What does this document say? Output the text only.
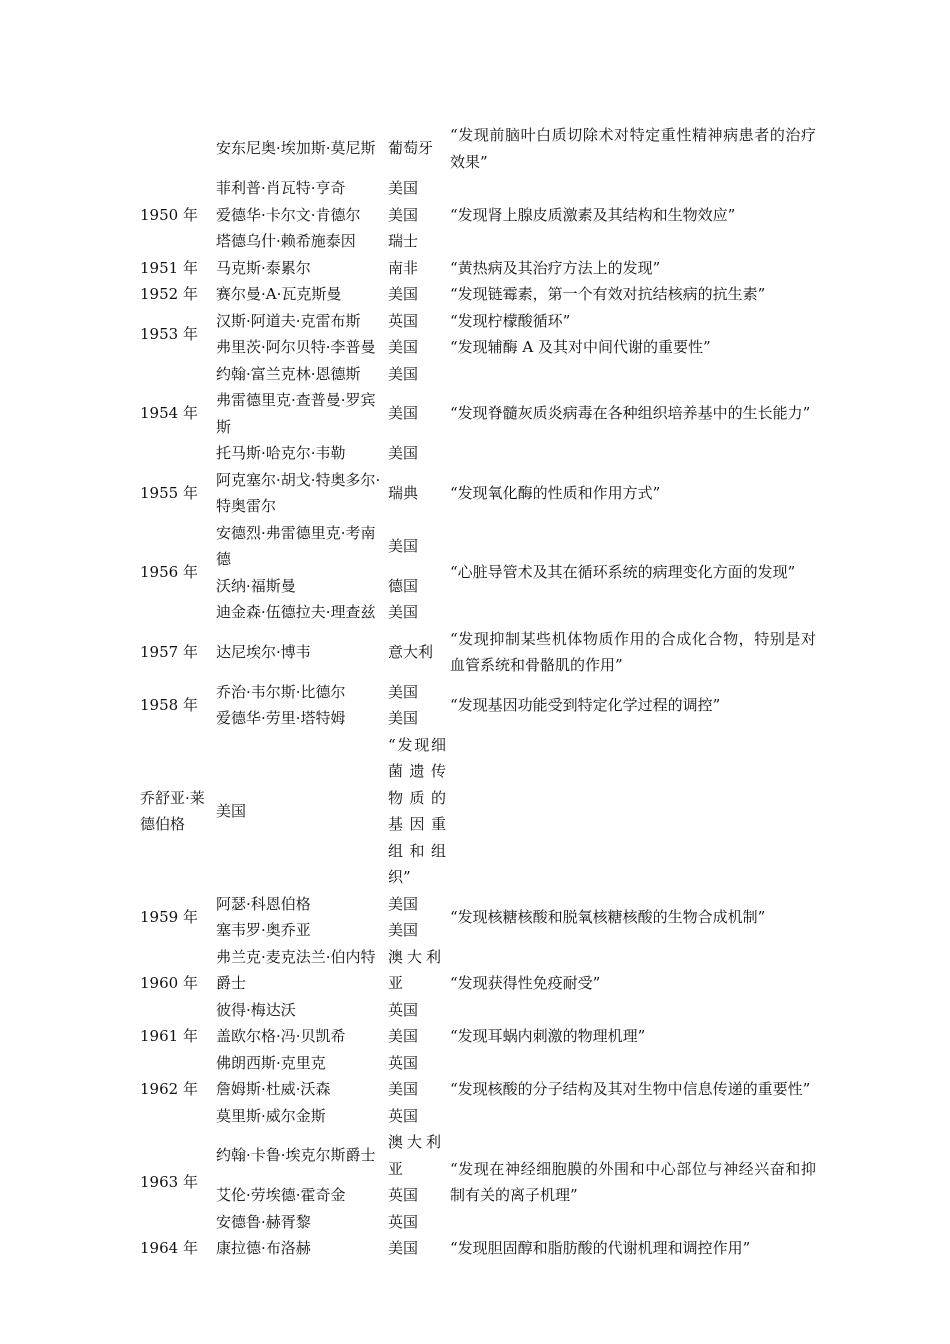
	安东尼奥·埃加斯·莫尼斯	葡萄牙	“发现前脑叶白质切除术对特定重性精神病患者的治疗效果”
1950 年	菲利普·肖瓦特·亨奇	美国	“发现肾上腺皮质激素及其结构和生物效应”
	爱德华·卡尔文·肯德尔	美国	
	塔德乌什·赖希施泰因	瑞士	
1951 年	马克斯·泰累尔	南非	“黄热病及其治疗方法上的发现”
1952 年	赛尔曼·A·瓦克斯曼	美国	“发现链霉素，第一个有效对抗结核病的抗生素”
1953 年	汉斯·阿道夫·克雷布斯	英国	“发现柠檬酸循环”
	弗里茨·阿尔贝特·李普曼	美国	“发现辅酶 A 及其对中间代谢的重要性”
1954 年	约翰·富兰克林·恩德斯	美国	“发现脊髓灰质炎病毒在各种组织培养基中的生长能力”
	弗雷德里克·查普曼·罗宾斯	美国	
	托马斯·哈克尔·韦勒	美国	
1955 年	阿克塞尔·胡戈·特奥多尔·特奥雷尔	瑞典	“发现氧化酶的性质和作用方式”
1956 年	安德烈·弗雷德里克·考南德	美国	“心脏导管术及其在循环系统的病理变化方面的发现”
	沃纳·福斯曼	德国	
	迪金森·伍德拉夫·理查兹	美国	
1957 年	达尼埃尔·博韦	意大利	“发现抑制某些机体物质作用的合成化合物，特别是对血管系统和骨骼肌的作用”
1958 年	乔治·韦尔斯·比德尔	美国	“发现基因功能受到特定化学过程的调控”
	爱德华·劳里·塔特姆	美国	
乔舒亚·莱德伯格	美国	“发现细菌遗传物质的基因重组和组织”	
1959 年	阿瑟·科恩伯格	美国	“发现核糖核酸和脱氧核糖核酸的生物合成机制”
	塞韦罗·奥乔亚	美国	
1960 年	弗兰克·麦克法兰·伯内特爵士	澳大利亚	“发现获得性免疫耐受”
	彼得·梅达沃	英国	
1961 年	盖欧尔格·冯·贝凯希	美国	“发现耳蜗内刺激的物理机理”
1962 年	佛朗西斯·克里克	英国	“发现核酸的分子结构及其对生物中信息传递的重要性”
	詹姆斯·杜威·沃森	美国	
	莫里斯·威尔金斯	英国	
1963 年	约翰·卡鲁·埃克尔斯爵士	澳大利亚	“发现在神经细胞膜的外围和中心部位与神经兴奋和抑制有关的离子机理”
	艾伦·劳埃德·霍奇金	英国	
	安德鲁·赫胥黎	英国	
1964 年	康拉德·布洛赫	美国	“发现胆固醇和脂肪酸的代谢机理和调控作用”
